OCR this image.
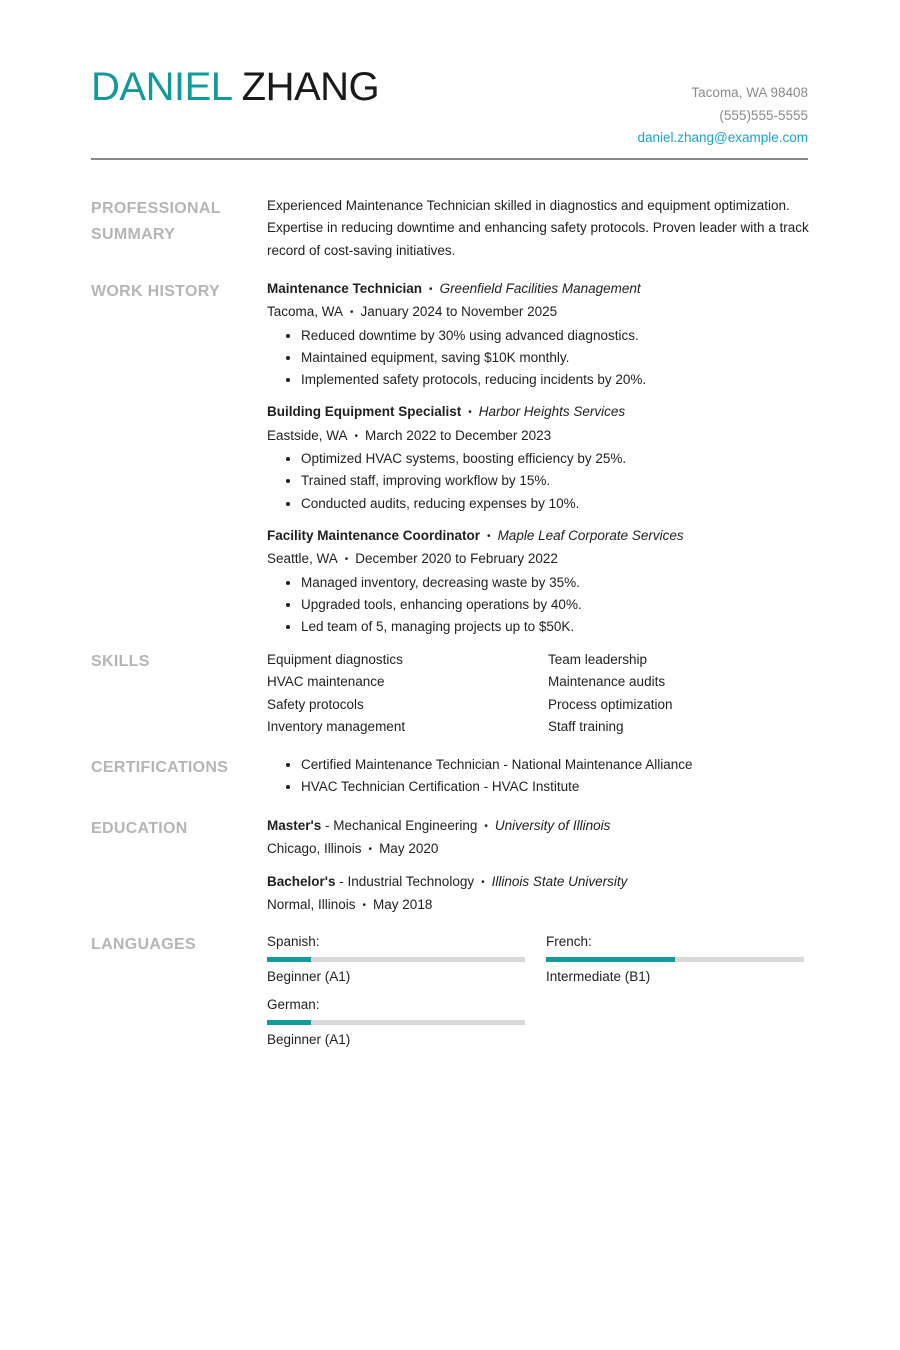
DANIEL ZHANG	Tacoma, WA 98408
(555)555-5555
daniel.zhang@example.com
PROFESSIONAL
SUMMARY
Experienced Maintenance Technician skilled in diagnostics and equipment optimization. Expertise in reducing downtime and enhancing safety protocols. Proven leader with a track record of cost-saving initiatives.
WORK HISTORY	Maintenance Technician • Greenfield Facilities Management
Tacoma, WA • January 2024 to November 2025
• Reduced downtime by 30% using advanced diagnostics.
• Maintained equipment, saving $10K monthly.
• Implemented safety protocols, reducing incidents by 20%.
Building Equipment Specialist • Harbor Heights Services
Eastside, WA • March 2022 to December 2023
• Optimized HVAC systems, boosting efficiency by 25%.
• Trained staff, improving workflow by 15%.
• Conducted audits, reducing expenses by 10%.
Facility Maintenance Coordinator • Maple Leaf Corporate Services
Seattle, WA • December 2020 to February 2022
• Managed inventory, decreasing waste by 35%.
• Upgraded tools, enhancing operations by 40%.
• Led team of 5, managing projects up to $50K.
SKILLS	Equipment diagnostics	Team leadership
HVAC maintenance	Maintenance audits
Safety protocols	Process optimization
Inventory management	Staff training
CERTIFICATIONS
•	Certified Maintenance Technician - National Maintenance Alliance
• HVAC Technician Certification - HVAC Institute
EDUCATION	Master's - Mechanical Engineering • University of Illinois
Chicago, Illinois • May 2020
Bachelor's - Industrial Technology • Illinois State University
Normal, Illinois • May 2018
LANGUAGES	Spanish:
Beginner (A1)
French:
Intermediate (B1)
German:
Beginner (A1)
